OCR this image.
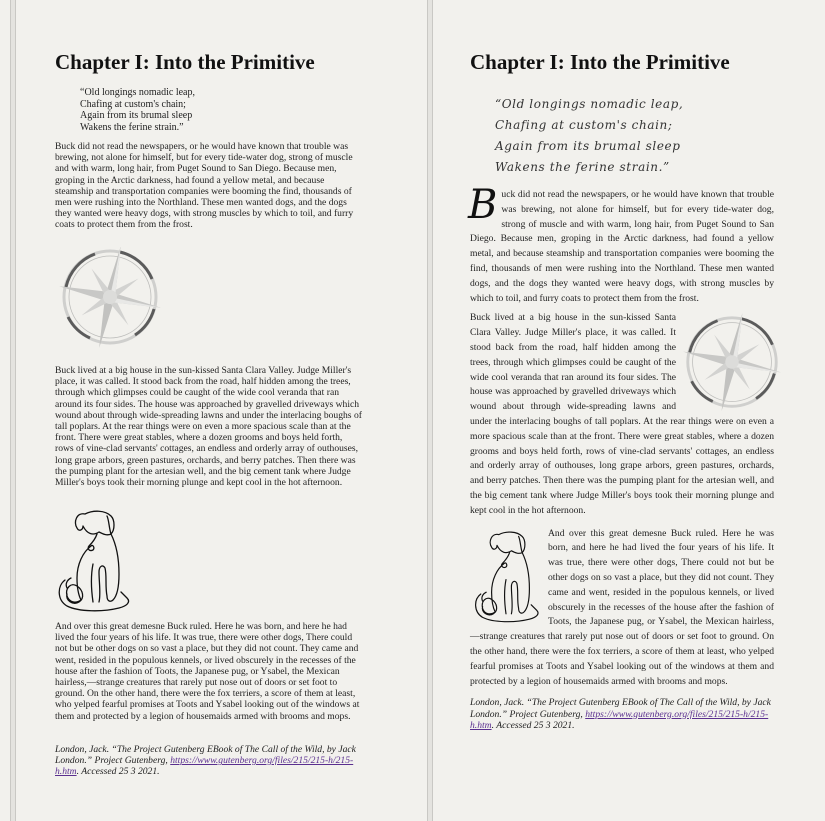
Chapter I: Into the Primitive
“Old longings nomadic leap,
Chafing at custom's chain;
Again from its brumal sleep
Wakens the ferine strain.”

Buck did not read the newspapers, or he would have known that trouble was brewing, not alone for himself, but for every tide-water dog, strong of muscle and with warm, long hair, from Puget Sound to San Diego. Because men, groping in the Arctic darkness, had found a yellow metal, and because steamship and transportation companies were booming the find, thousands of men were rushing into the Northland. These men wanted dogs, and the dogs they wanted were heavy dogs, with strong muscles by which to toil, and furry coats to protect them from the frost.

Buck lived at a big house in the sun-kissed Santa Clara Valley. Judge Miller's place, it was called. It stood back from the road, half hidden among the trees, through which glimpses could be caught of the wide cool veranda that ran around its four sides. The house was approached by gravelled driveways which wound about through wide-spreading lawns and under the interlacing boughs of tall poplars. At the rear things were on even a more spacious scale than at the front. There were great stables, where a dozen grooms and boys held forth, rows of vine-clad servants' cottages, an endless and orderly array of outhouses, long grape arbors, green pastures, orchards, and berry patches. Then there was the pumping plant for the artesian well, and the big cement tank where Judge Miller's boys took their morning plunge and kept cool in the hot afternoon.

And over this great demesne Buck ruled. Here he was born, and here he had lived the four years of his life. It was true, there were other dogs, There could not but be other dogs on so vast a place, but they did not count. They came and went, resided in the populous kennels, or lived obscurely in the recesses of the house after the fashion of Toots, the Japanese pug, or Ysabel, the Mexican hairless,—strange creatures that rarely put nose out of doors or set foot to ground. On the other hand, there were the fox terriers, a score of them at least, who yelped fearful promises at Toots and Ysabel looking out of the windows at them and protected by a legion of housemaids armed with brooms and mops.

London, Jack. “The Project Gutenberg EBook of The Call of the Wild, by Jack London.” Project Gutenberg, https://www.gutenberg.org/files/215/215-h/215-h.htm. Accessed 25 3 2021.

Chapter I: Into the Primitive
“Old longings nomadic leap,
Chafing at custom's chain;
Again from its brumal sleep
Wakens the ferine strain.”

Buck did not read the newspapers, or he would have known that trouble was brewing, not alone for himself, but for every tide-water dog, strong of muscle and with warm, long hair, from Puget Sound to San Diego. Because men, groping in the Arctic darkness, had found a yellow metal, and because steamship and transportation companies were booming the find, thousands of men were rushing into the Northland. These men wanted dogs, and the dogs they wanted were heavy dogs, with strong muscles by which to toil, and furry coats to protect them from the frost.

Buck lived at a big house in the sun-kissed Santa Clara Valley. Judge Miller's place, it was called. It stood back from the road, half hidden among the trees, through which glimpses could be caught of the wide cool veranda that ran around its four sides. The house was approached by gravelled driveways which wound about through wide-spreading lawns and under the interlacing boughs of tall poplars. At the rear things were on even a more spacious scale than at the front. There were great stables, where a dozen grooms and boys held forth, rows of vine-clad servants' cottages, an endless and orderly array of outhouses, long grape arbors, green pastures, orchards, and berry patches. Then there was the pumping plant for the artesian well, and the big cement tank where Judge Miller's boys took their morning plunge and kept cool in the hot afternoon.

And over this great demesne Buck ruled. Here he was born, and here he had lived the four years of his life. It was true, there were other dogs, There could not but be other dogs on so vast a place, but they did not count. They came and went, resided in the populous kennels, or lived obscurely in the recesses of the house after the fashion of Toots, the Japanese pug, or Ysabel, the Mexican hairless,—strange creatures that rarely put nose out of doors or set foot to ground. On the other hand, there were the fox terriers, a score of them at least, who yelped fearful promises at Toots and Ysabel looking out of the windows at them and protected by a legion of housemaids armed with brooms and mops.

London, Jack. “The Project Gutenberg EBook of The Call of the Wild, by Jack London.” Project Gutenberg, https://www.gutenberg.org/files/215/215-h/215-h.htm. Accessed 25 3 2021.
